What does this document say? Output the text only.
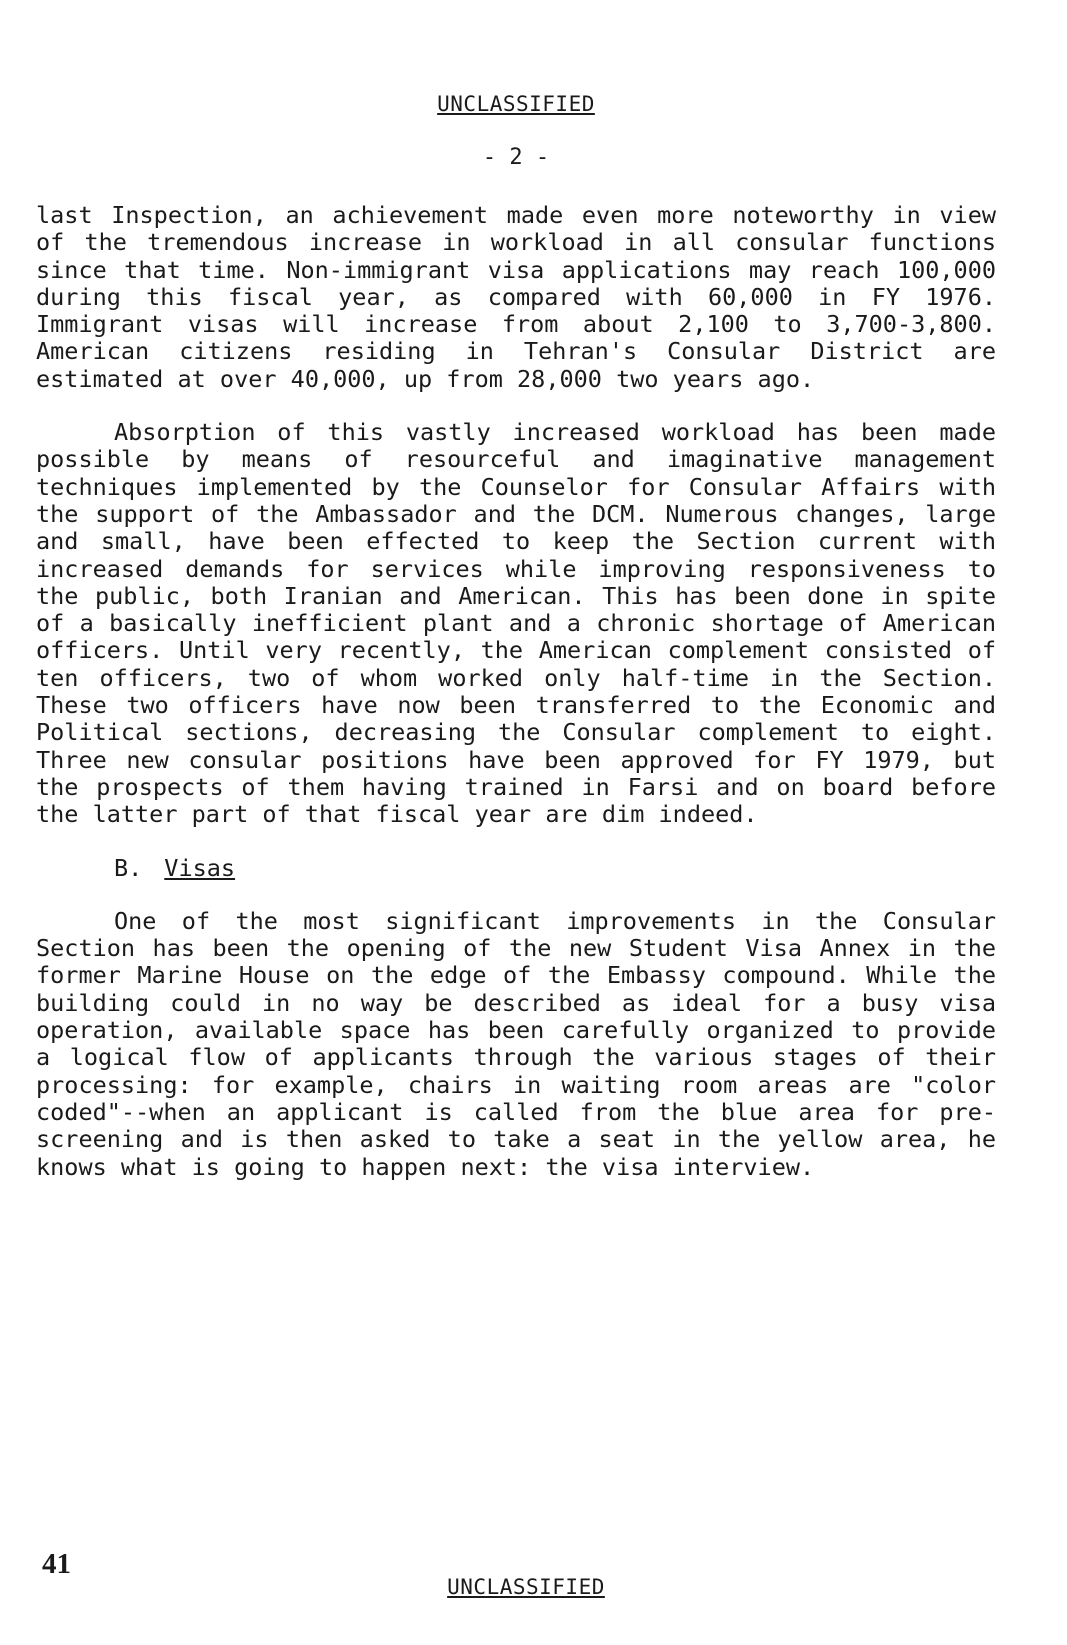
UNCLASSIFIED
- 2 -

last Inspection, an achievement made even more noteworthy in view of the tremendous increase in workload in all consular functions since that time. Non-immigrant visa applications may reach 100,000 during this fiscal year, as compared with 60,000 in FY 1976. Immigrant visas will increase from about 2,100 to 3,700-3,800. American citizens residing in Tehran's Consular District are estimated at over 40,000, up from 28,000 two years ago.

Absorption of this vastly increased workload has been made possible by means of resourceful and imaginative management techniques implemented by the Counselor for Consular Affairs with the support of the Ambassador and the DCM. Numerous changes, large and small, have been effected to keep the Section current with increased demands for services while improving responsiveness to the public, both Iranian and American. This has been done in spite of a basically inefficient plant and a chronic shortage of American officers. Until very recently, the American complement consisted of ten officers, two of whom worked only half-time in the Section. These two officers have now been transferred to the Economic and Political sections, decreasing the Consular complement to eight. Three new consular positions have been approved for FY 1979, but the prospects of them having trained in Farsi and on board before the latter part of that fiscal year are dim indeed.

B. Visas

One of the most significant improvements in the Consular Section has been the opening of the new Student Visa Annex in the former Marine House on the edge of the Embassy compound. While the building could in no way be described as ideal for a busy visa operation, available space has been carefully organized to provide a logical flow of applicants through the various stages of their processing: for example, chairs in waiting room areas are "color coded"--when an applicant is called from the blue area for pre-screening and is then asked to take a seat in the yellow area, he knows what is going to happen next: the visa interview.

41
UNCLASSIFIED
